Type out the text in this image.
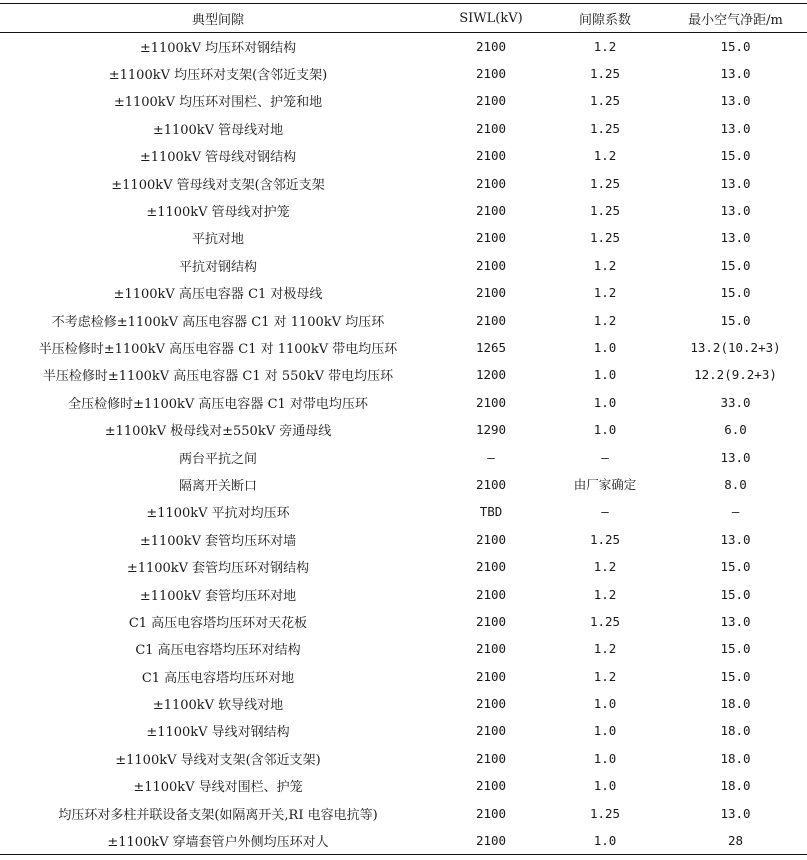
典型间隙	SIWL(kV)	间隙系数	最小空气净距/m
±1100kV 均压环对钢结构	2100	1.2	15.0
±1100kV 均压环对支架(含邻近支架)	2100	1.25	13.0
±1100kV 均压环对围栏、护笼和地	2100	1.25	13.0
±1100kV 管母线对地	2100	1.25	13.0
±1100kV 管母线对钢结构	2100	1.2	15.0
±1100kV 管母线对支架(含邻近支架	2100	1.25	13.0
±1100kV 管母线对护笼	2100	1.25	13.0
平抗对地	2100	1.25	13.0
平抗对钢结构	2100	1.2	15.0
±1100kV 高压电容器 C1 对极母线	2100	1.2	15.0
不考虑检修±1100kV 高压电容器 C1 对 1100kV 均压环	2100	1.2	15.0
半压检修时±1100kV 高压电容器 C1 对 1100kV 带电均压环	1265	1.0	13.2(10.2+3)
半压检修时±1100kV 高压电容器 C1 对 550kV 带电均压环	1200	1.0	12.2(9.2+3)
全压检修时±1100kV 高压电容器 C1 对带电均压环	2100	1.0	33.0
±1100kV 极母线对±550kV 旁通母线	1290	1.0	6.0
两台平抗之间	—	—	13.0
隔离开关断口	2100	由厂家确定	8.0
±1100kV 平抗对均压环	TBD	—	—
±1100kV 套管均压环对墙	2100	1.25	13.0
±1100kV 套管均压环对钢结构	2100	1.2	15.0
±1100kV 套管均压环对地	2100	1.2	15.0
C1 高压电容塔均压环对天花板	2100	1.25	13.0
C1 高压电容塔均压环对结构	2100	1.2	15.0
C1 高压电容塔均压环对地	2100	1.2	15.0
±1100kV 软导线对地	2100	1.0	18.0
±1100kV 导线对钢结构	2100	1.0	18.0
±1100kV 导线对支架(含邻近支架)	2100	1.0	18.0
±1100kV 导线对围栏、护笼	2100	1.0	18.0
均压环对多柱并联设备支架(如隔离开关,RI 电容电抗等)	2100	1.25	13.0
±1100kV 穿墙套管户外侧均压环对人	2100	1.0	28
